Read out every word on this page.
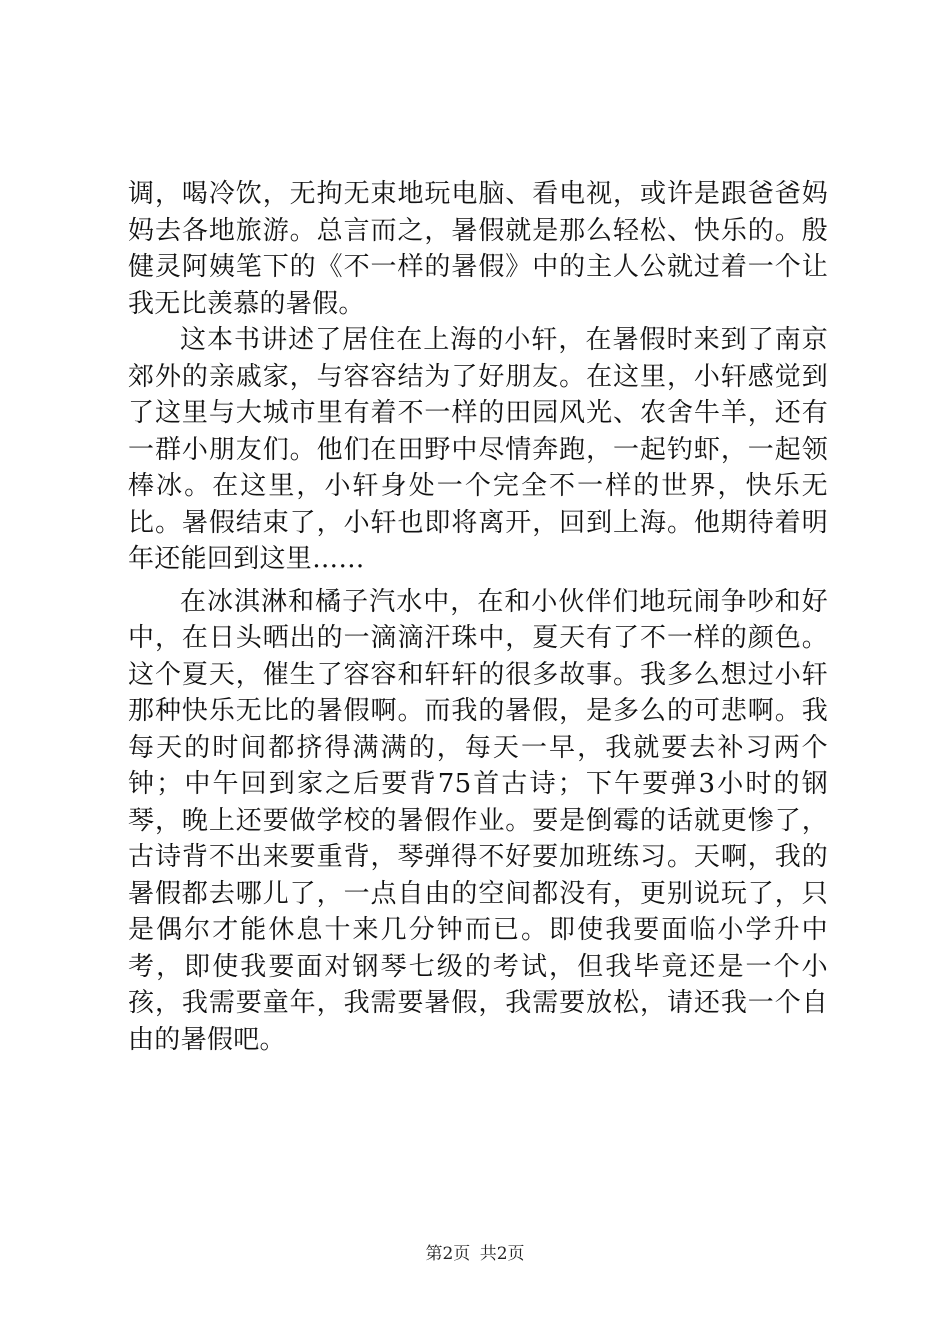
调，喝冷饮，无拘无束地玩电脑、看电视，或许是跟爸爸妈妈去各地旅游。总言而之，暑假就是那么轻松、快乐的。殷健灵阿姨笔下的《不一样的暑假》中的主人公就过着一个让我无比羡慕的暑假。

这本书讲述了居住在上海的小轩，在暑假时来到了南京郊外的亲戚家，与容容结为了好朋友。在这里，小轩感觉到了这里与大城市里有着不一样的田园风光、农舍牛羊，还有一群小朋友们。他们在田野中尽情奔跑，一起钓虾，一起领棒冰。在这里，小轩身处一个完全不一样的世界，快乐无比。暑假结束了，小轩也即将离开，回到上海。他期待着明年还能回到这里……

在冰淇淋和橘子汽水中，在和小伙伴们地玩闹争吵和好中，在日头晒出的一滴滴汗珠中，夏天有了不一样的颜色。这个夏天，催生了容容和轩轩的很多故事。我多么想过小轩那种快乐无比的暑假啊。而我的暑假，是多么的可悲啊。我每天的时间都挤得满满的，每天一早，我就要去补习两个钟；中午回到家之后要背75首古诗；下午要弹3小时的钢琴，晚上还要做学校的暑假作业。要是倒霉的话就更惨了，古诗背不出来要重背，琴弹得不好要加班练习。天啊，我的暑假都去哪儿了，一点自由的空间都没有，更别说玩了，只是偶尔才能休息十来几分钟而已。即使我要面临小学升中考，即使我要面对钢琴七级的考试，但我毕竟还是一个小孩，我需要童年，我需要暑假，我需要放松，请还我一个自由的暑假吧。

第2页 共2页
